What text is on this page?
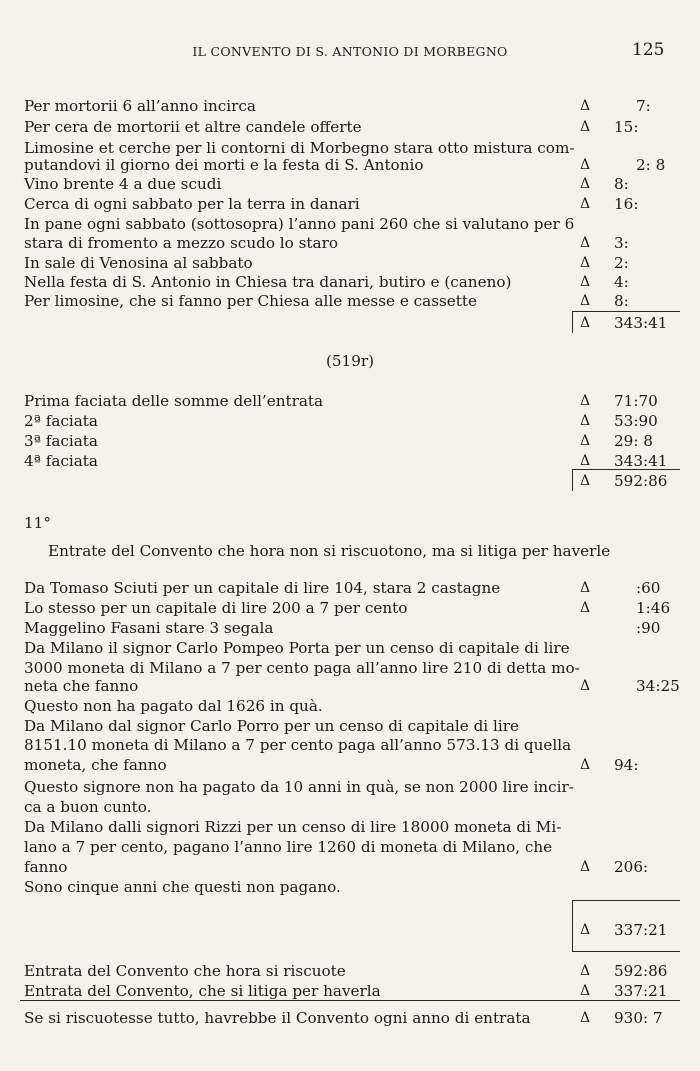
IL CONVENTO DI S. ANTONIO DI MORBEGNO	125
Per mortorii 6 all’anno incirca	Δ	7:
Per cera de mortorii et altre candele offerte	Δ 15:
Limosine et cerche per li contorni di Morbegno stara otto mistura com-
putandovi il giorno dei morti e la festa di S. Antonio	Δ	2: 8
Vino brente 4 a due scudi	Δ 8:
Cerca di ogni sabbato per la terra in danari	Δ 16:
In pane ogni sabbato (sottosopra) l’anno pani 260 che si valutano per 6
stara di fromento a mezzo scudo lo staro	Δ 3:
In sale di Venosina al sabbato	Δ 2:
Nella festa di S. Antonio in Chiesa tra danari, butiro e (caneno)	Δ 4:
Per limosine, che si fanno per Chiesa alle messe e cassette	Δ 8:
Δ 343:41
(519r)
Prima faciata delle somme dell’entrata	Δ 71:70
2ª faciata	Δ 53:90
3ª faciata	Δ 29: 8
4ª faciata	Δ 343:41
Δ 592:86
11°
Entrate del Convento che hora non si riscuotono, ma si litiga per haverle
Da Tomaso Sciuti per un capitale di lire 104, stara 2 castagne	Δ	:60
Lo stesso per un capitale di lire 200 a 7 per cento	Δ	1:46
Maggelino Fasani stare 3 segala	:90
Da Milano il signor Carlo Pompeo Porta per un censo di capitale di lire
3000 moneta di Milano a 7 per cento paga all’anno lire 210 di detta mo-
neta che fanno	Δ	34:25
Questo non ha pagato dal 1626 in quà.
Da Milano dal signor Carlo Porro per un censo di capitale di lire
8151.10 moneta di Milano a 7 per cento paga all’anno 573.13 di quella
moneta, che fanno	Δ 94:
Questo signore non ha pagato da 10 anni in quà, se non 2000 lire incir-
ca a buon cunto.
Da Milano dalli signori Rizzi per un censo di lire 18000 moneta di Mi-
lano a 7 per cento, pagano l’anno lire 1260 di moneta di Milano, che
fanno	Δ 206:
Sono cinque anni che questi non pagano.
Δ 337:21
Entrata del Convento che hora si riscuote	Δ 592:86
Entrata del Convento, che si litiga per haverla	Δ 337:21
Se si riscuotesse tutto, havrebbe il Convento ogni anno di entrata	Δ 930: 7
